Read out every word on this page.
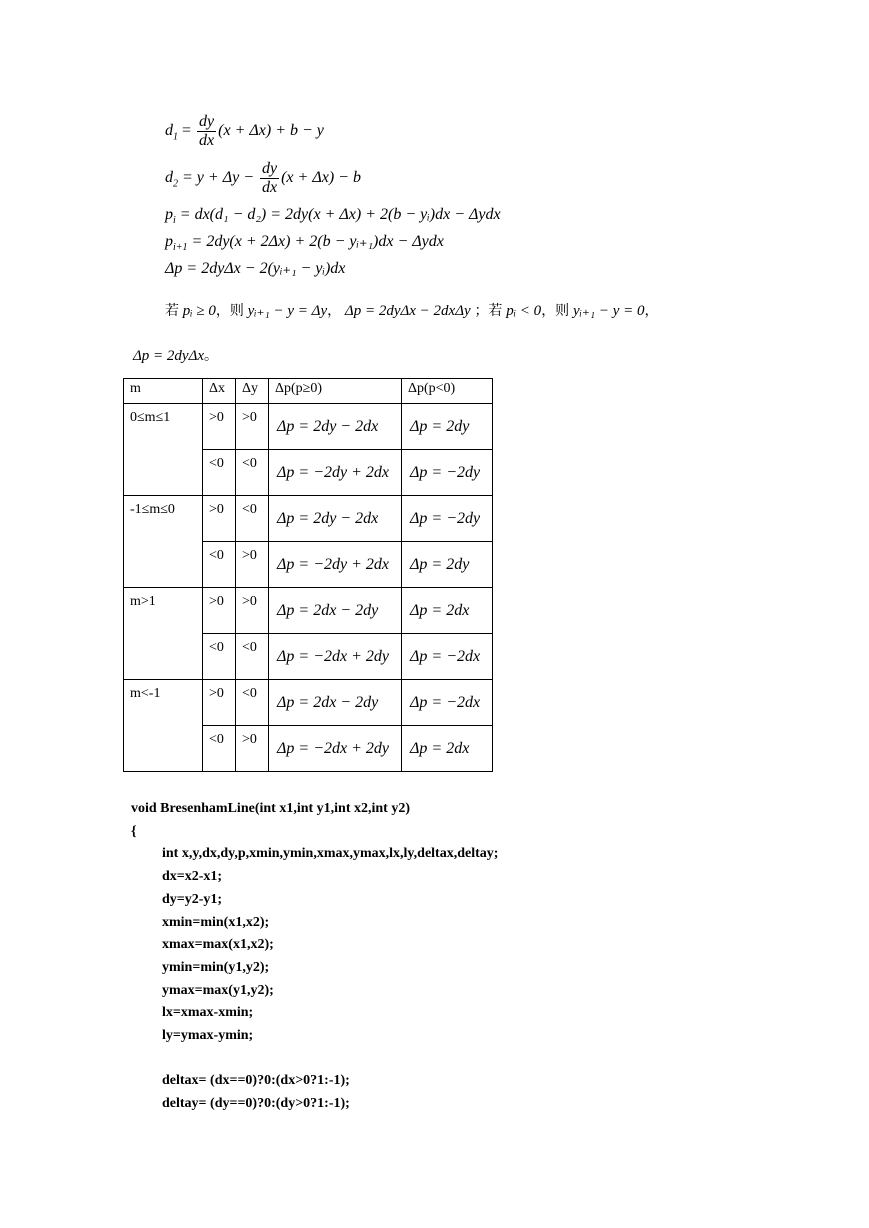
$d_1 = \frac{dy}{dx} (x + \Delta x) + b - y$
$d_2 = y + \Delta y - \frac{dy}{dx} (x + \Delta x) - b$
$p_i = dx(d_1 - d_2) = 2dy(x + \Delta x) + 2(b$ − yᵢ)dx − Δydx
$p_{i+1} = 2dy(x + 2\Delta x) + 2(b$ − yᵢ₊₁)dx − Δydx
Δp = 2dyΔx − 2(yᵢ₊₁ − yᵢ)dx
若 pᵢ ≥ 0，则 yᵢ₊₁ − y = Δy， Δp = 2dyΔx − 2dxΔy ；若 pᵢ < 0，则 yᵢ₊₁ − y = 0，
Δp = 2dyΔx。
m	Δx	Δy	Δp(p≥0)	Δp(p<0)
0≤m≤1	>0	>0	Δp = 2dy − 2dx	Δp = 2dy
	<0	<0	Δp = −2dy + 2dx	Δp = −2dy
-1≤m≤0	>0	<0	Δp = 2dy − 2dx	Δp = −2dy
	<0	>0	Δp = −2dy + 2dx	Δp = 2dy
m>1	>0	>0	Δp = 2dx − 2dy	Δp = 2dx
	<0	<0	Δp = −2dx + 2dy	Δp = −2dx
m<-1	>0	<0	Δp = 2dx − 2dy	Δp = −2dx
	<0	>0	Δp = −2dx + 2dy	Δp = 2dx
void BresenhamLine(int x1,int y1,int x2,int y2)
{
int x,y,dx,dy,p,xmin,ymin,xmax,ymax,lx,ly,deltax,deltay;
dx=x2-x1;
dy=y2-y1;
xmin=min(x1,x2);
xmax=max(x1,x2);
ymin=min(y1,y2);
ymax=max(y1,y2);
lx=xmax-xmin;
ly=ymax-ymin;
deltax= (dx==0)?0:(dx>0?1:-1);
deltay= (dy==0)?0:(dy>0?1:-1);
